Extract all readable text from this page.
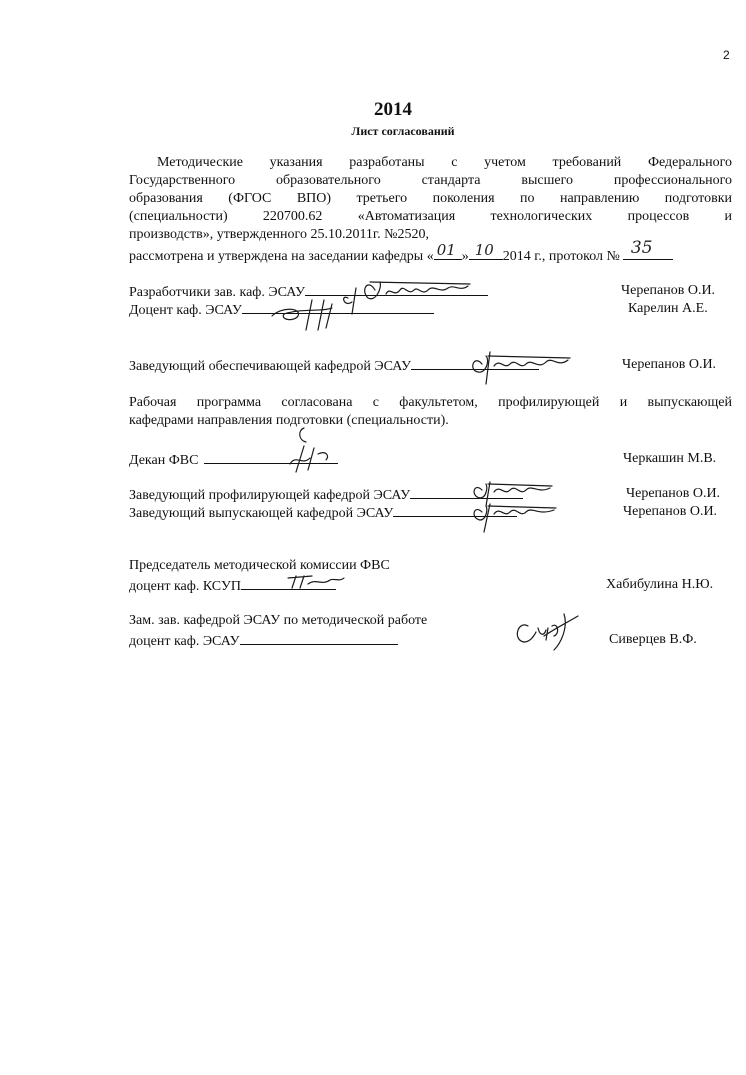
2
2014
Лист согласований
Методические указания разработаны с учетом требований Федерального
Государственного образовательного стандарта высшего профессионального
образования (ФГОС ВПО) третьего поколения по направлению подготовки
(специальности) 220700.62 «Автоматизация технологических процессов и
производств», утвержденного 25.10.2011г. №2520,
рассмотрена и утверждена на заседании кафедры « 01 » 10 2014 г., протокол № 35
Разработчики зав. каф. ЭСАУ	Черепанов О.И.
Доцент каф. ЭСАУ	Карелин А.Е.
Заведующий обеспечивающей кафедрой ЭСАУ	Черепанов О.И.
Рабочая программа согласована с факультетом, профилирующей и выпускающей
кафедрами направления подготовки (специальности).
Декан ФВС	Черкашин М.В.
Заведующий профилирующей кафедрой ЭСАУ	Черепанов О.И.
Заведующий выпускающей кафедрой ЭСАУ	Черепанов О.И.
Председатель методической комиссии ФВС
доцент каф. КСУП	Хабибулина Н.Ю.
Зам. зав. кафедрой ЭСАУ по методической работе
доцент каф. ЭСАУ	Сиверцев В.Ф.
